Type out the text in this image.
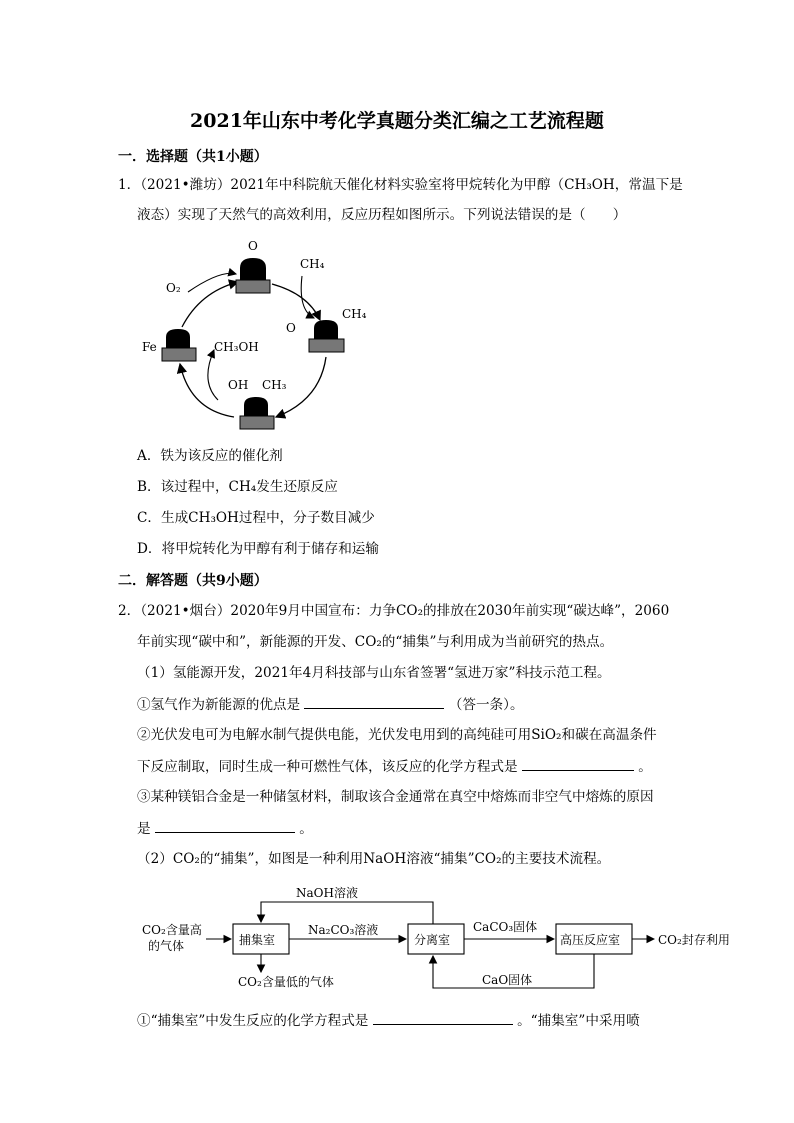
2021年山东中考化学真题分类汇编之工艺流程题
一．选择题（共1小题）
1．（2021•潍坊）2021年中科院航天催化材料实验室将甲烷转化为甲醇（CH₃OH，常温下是
液态）实现了天然气的高效利用，反应历程如图所示。下列说法错误的是（　　）
O
O₂
CH₄
CH₄
O
Fe	CH₃OH
OH CH₃
A．铁为该反应的催化剂
B．该过程中，CH₄发生还原反应
C．生成CH₃OH过程中，分子数目减少
D．将甲烷转化为甲醇有利于储存和运输
二．解答题（共9小题）
2．（2021•烟台）2020年9月中国宣布：力争CO₂的排放在2030年前实现“碳达峰”，2060
年前实现“碳中和”，新能源的开发、CO₂的“捕集”与利用成为当前研究的热点。
（1）氢能源开发，2021年4月科技部与山东省签署“氢进万家”科技示范工程。
①氢气作为新能源的优点是	（答一条）。
②光伏发电可为电解水制气提供电能，光伏发电用到的高纯硅可用SiO₂和碳在高温条件
下反应制取，同时生成一种可燃性气体，该反应的化学方程式是	。
③某种镁铝合金是一种储氢材料，制取该合金通常在真空中熔炼而非空气中熔炼的原因
是	。
（2）CO₂的“捕集”，如图是一种利用NaOH溶液“捕集”CO₂的主要技术流程。
CO₂含量高
的气体
NaOH溶液
捕集室
Na₂CO₃溶液
分离室
CaCO₃固体
高压反应室	CO₂封存利用
CO₂含量低的气体	CaO固体
①“捕集室”中发生反应的化学方程式是	。“捕集室”中采用喷
